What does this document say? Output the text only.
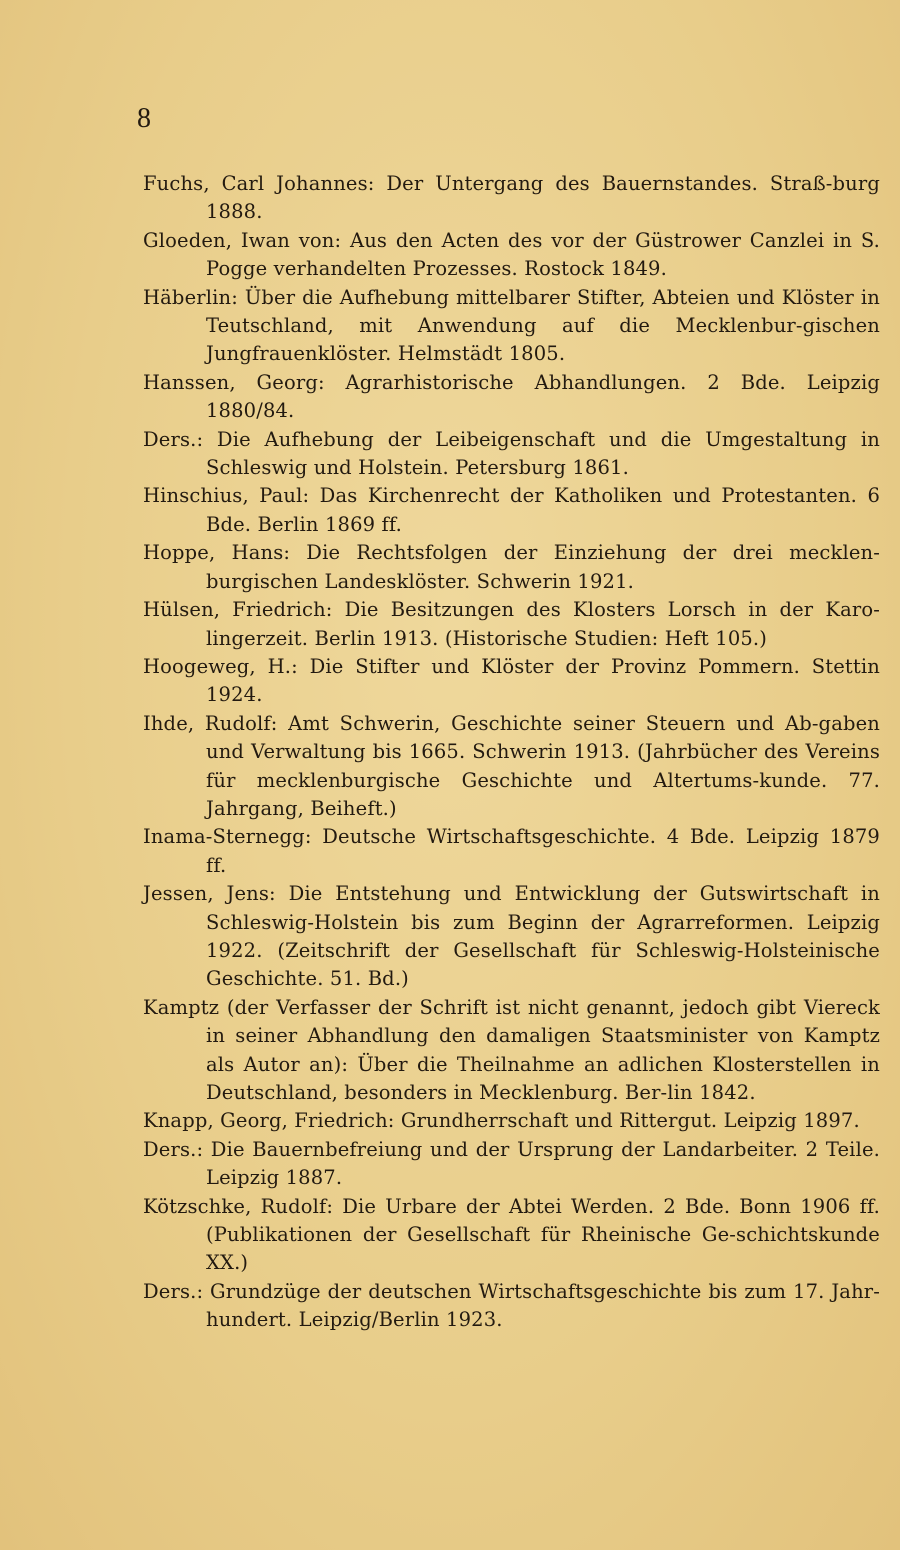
8

Fuchs, Carl Johannes: Der Untergang des Bauernstandes. Straß-burg 1888.

Gloeden, Iwan von: Aus den Acten des vor der Güstrower Canzlei in S. Pogge verhandelten Prozesses. Rostock 1849.

Häberlin: Über die Aufhebung mittelbarer Stifter, Abteien und Klöster in Teutschland, mit Anwendung auf die Mecklenbur-gischen Jungfrauenklöster. Helmstädt 1805.

Hanssen, Georg: Agrarhistorische Abhandlungen. 2 Bde. Leipzig 1880/84.

Ders.: Die Aufhebung der Leibeigenschaft und die Umgestaltung in Schleswig und Holstein. Petersburg 1861.

Hinschius, Paul: Das Kirchenrecht der Katholiken und Protestanten. 6 Bde. Berlin 1869 ff.

Hoppe, Hans: Die Rechtsfolgen der Einziehung der drei mecklen-burgischen Landesklöster. Schwerin 1921.

Hülsen, Friedrich: Die Besitzungen des Klosters Lorsch in der Karo-lingerzeit. Berlin 1913. (Historische Studien: Heft 105.)

Hoogeweg, H.: Die Stifter und Klöster der Provinz Pommern. Stettin 1924.

Ihde, Rudolf: Amt Schwerin, Geschichte seiner Steuern und Ab-gaben und Verwaltung bis 1665. Schwerin 1913. (Jahrbücher des Vereins für mecklenburgische Geschichte und Altertums-kunde. 77. Jahrgang, Beiheft.)

Inama-Sternegg: Deutsche Wirtschaftsgeschichte. 4 Bde. Leipzig 1879 ff.

Jessen, Jens: Die Entstehung und Entwicklung der Gutswirtschaft in Schleswig-Holstein bis zum Beginn der Agrarreformen. Leipzig 1922. (Zeitschrift der Gesellschaft für Schleswig-Holsteinische Geschichte. 51. Bd.)

Kamptz (der Verfasser der Schrift ist nicht genannt, jedoch gibt Viereck in seiner Abhandlung den damaligen Staatsminister von Kamptz als Autor an): Über die Theilnahme an adlichen Klosterstellen in Deutschland, besonders in Mecklenburg. Ber-lin 1842.

Knapp, Georg, Friedrich: Grundherrschaft und Rittergut. Leipzig 1897.

Ders.: Die Bauernbefreiung und der Ursprung der Landarbeiter. 2 Teile. Leipzig 1887.

Kötzschke, Rudolf: Die Urbare der Abtei Werden. 2 Bde. Bonn 1906 ff. (Publikationen der Gesellschaft für Rheinische Ge-schichtskunde XX.)

Ders.: Grundzüge der deutschen Wirtschaftsgeschichte bis zum 17. Jahr-hundert. Leipzig/Berlin 1923.
